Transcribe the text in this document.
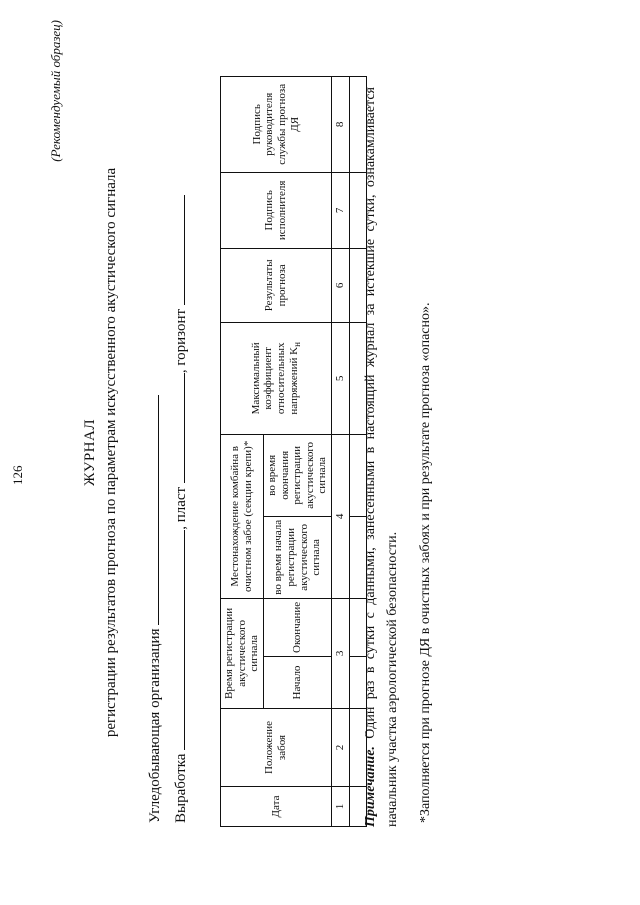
126
(Рекомендуемый образец)
ЖУРНАЛ регистрации результатов прогноза по параметрам искусственного акустического сигнала Угледобывающая организация Выработка , пласт , горизонт
Дата	Положение забоя	Время регистрации акустического сигнала		Местонахождение комбайна в очистном забое (секции крепи)*		Максимальный коэффициент относительных напряжений $K_н$	Результаты прогноза	Подпись исполнителя	Подпись руководителя службы прогноза ДЯ
		Начало	Окончание	во время начала регистрации акустического сигнала	во время окончания регистрации акустического сигнала				
1	2	3		4		5	6	7	8

Примечание. Один раз в сутки с данными, занесенными в настоящий журнал за истекшие сутки, ознакамливается начальник участка аэрологической безопасности. *Заполняется при прогнозе ДЯ в очистных забоях и при результате прогноза «опасно».
